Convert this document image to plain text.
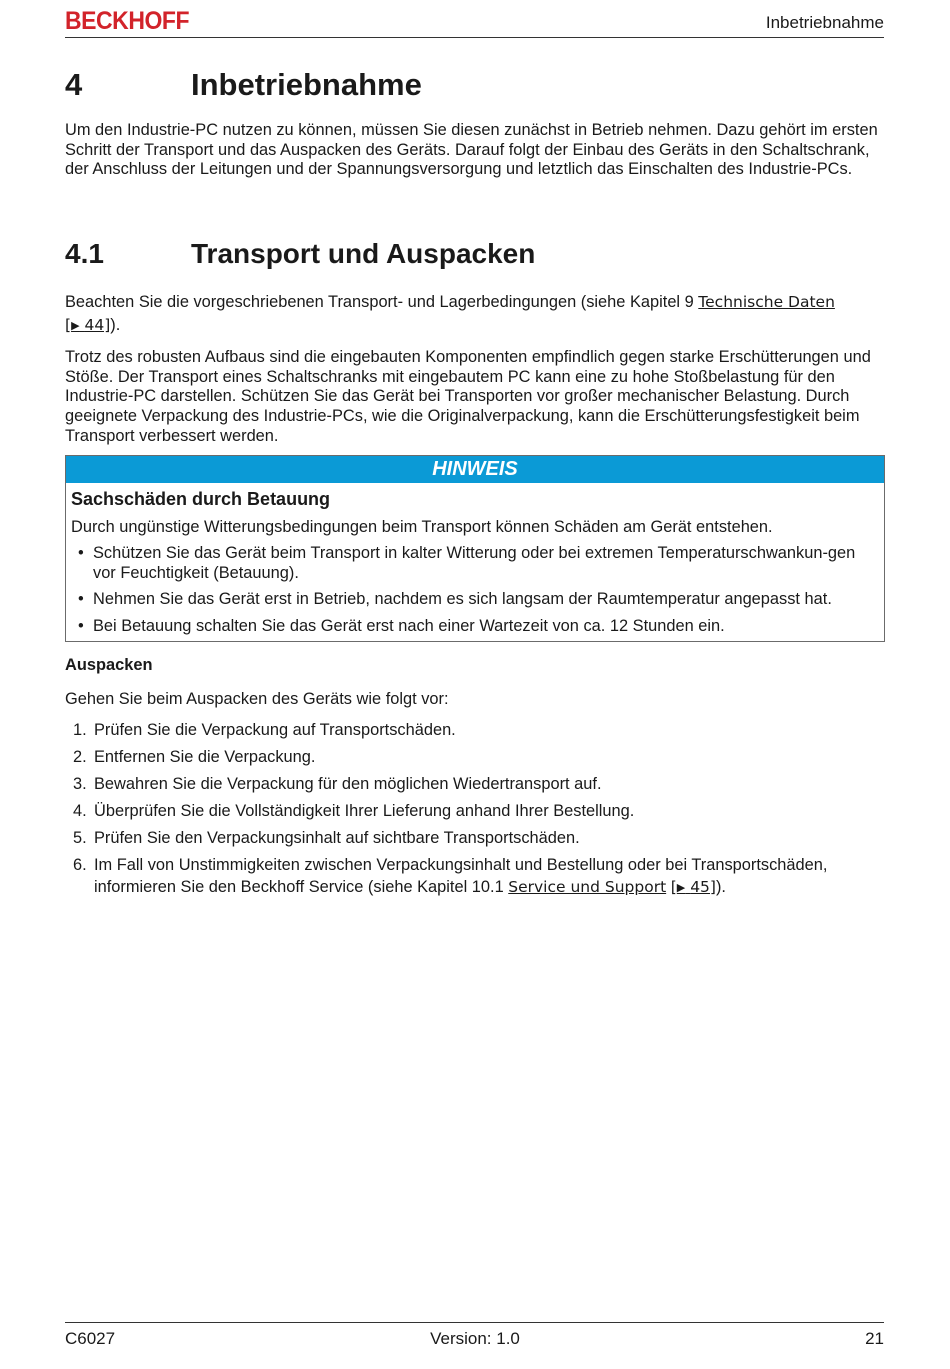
BECKHOFF	Inbetriebnahme
4	Inbetriebnahme
Um den Industrie-PC nutzen zu können, müssen Sie diesen zunächst in Betrieb nehmen. Dazu gehört im ersten Schritt der Transport und das Auspacken des Geräts. Darauf folgt der Einbau des Geräts in den Schaltschrank, der Anschluss der Leitungen und der Spannungsversorgung und letztlich das Einschalten des Industrie-PCs.
4.1	Transport und Auspacken
Beachten Sie die vorgeschriebenen Transport- und Lagerbedingungen (siehe Kapitel 9 Technische Daten [▶ 44]).
Trotz des robusten Aufbaus sind die eingebauten Komponenten empfindlich gegen starke Erschütterungen und Stöße. Der Transport eines Schaltschranks mit eingebautem PC kann eine zu hohe Stoßbelastung für den Industrie-PC darstellen. Schützen Sie das Gerät bei Transporten vor großer mechanischer Belastung. Durch geeignete Verpackung des Industrie-PCs, wie die Originalverpackung, kann die Erschütterungsfestigkeit beim Transport verbessert werden.
HINWEIS
Sachschäden durch Betauung
Durch ungünstige Witterungsbedingungen beim Transport können Schäden am Gerät entstehen.
• Schützen Sie das Gerät beim Transport in kalter Witterung oder bei extremen Temperaturschwankun-gen vor Feuchtigkeit (Betauung).
• Nehmen Sie das Gerät erst in Betrieb, nachdem es sich langsam der Raumtemperatur angepasst hat.
• Bei Betauung schalten Sie das Gerät erst nach einer Wartezeit von ca. 12 Stunden ein.
Auspacken
Gehen Sie beim Auspacken des Geräts wie folgt vor:
1. Prüfen Sie die Verpackung auf Transportschäden.
2. Entfernen Sie die Verpackung.
3. Bewahren Sie die Verpackung für den möglichen Wiedertransport auf.
4. Überprüfen Sie die Vollständigkeit Ihrer Lieferung anhand Ihrer Bestellung.
5. Prüfen Sie den Verpackungsinhalt auf sichtbare Transportschäden.
6. Im Fall von Unstimmigkeiten zwischen Verpackungsinhalt und Bestellung oder bei Transportschäden, informieren Sie den Beckhoff Service (siehe Kapitel 10.1 Service und Support [▶ 45]).
C6027	Version: 1.0	21
